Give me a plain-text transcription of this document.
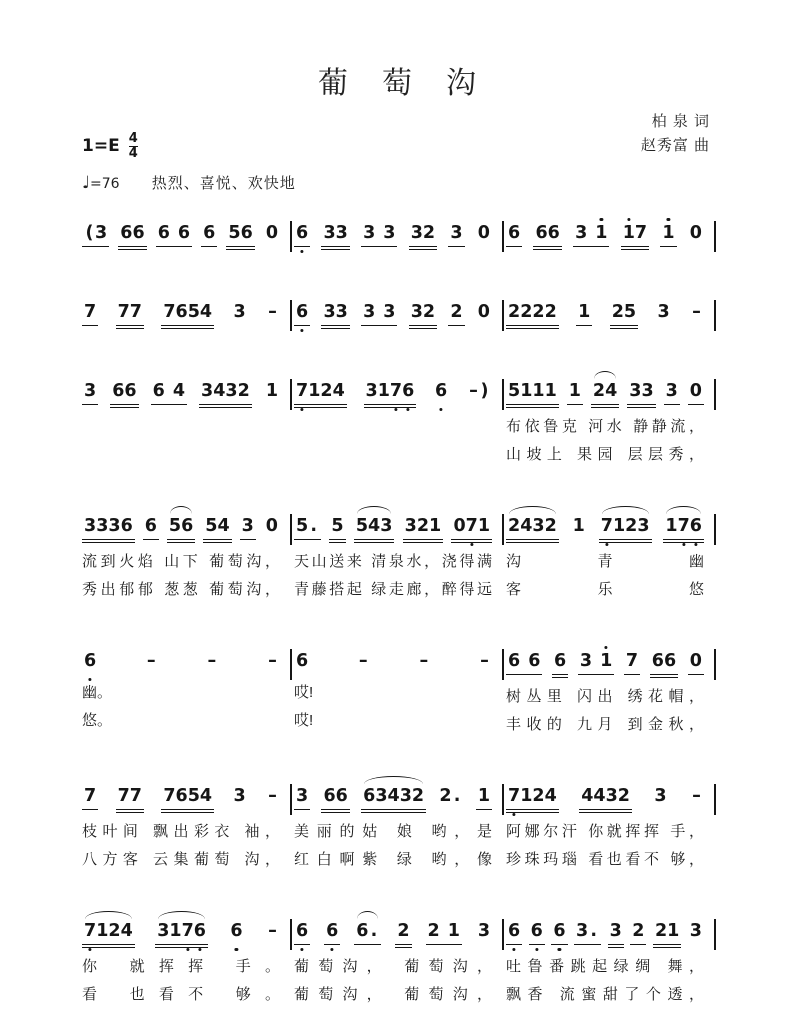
葡　萄　沟
柏 泉 词
赵秀富 曲
$1=E \frac{4}{4}$
♩=76 热烈、喜悦、欢快地
( 3 6 6 6 6 6 5 6 0 6 3 3 3 3 3 2 3 0 6 6 6 3 1 1 7 1 0
7 7 7 7 6 5 4 3 – 6 3 3 3 3 3 2 2 0 2 2 2 2 1 2 5 3 –
3 6 6 6 4 3 4 3 2 1 7 1 2 4 3 1 7 6 6 – ) 5 1 1 1 1 2 4 3 3 3 0
布依鲁克 河水 静静流，
山坡上 果园 层层秀，
3 3 3 6 6 5 6 5 4 3 0
流到火焰 山下 葡萄沟，
秀出郁郁 葱葱 葡萄沟，
5 . 5 5 4 3 3 2 1 0 7 1
天山送来 清泉水，浇得满
青藤搭起 绿走廊，醉得远
2 4 3 2 1 7 1 2 3 1 7 6
沟 青 幽
客 乐 悠
6	–	–	–
幽。
悠。
6	–	–	–
哎!
哎!
6 6 6 3 1 7 6 6 0
树丛里 闪出 绣花帽，
丰收的 九月 到金秋，
7 7 7 7 6 5 4 3 –
枝叶间 飘出彩衣 袖，
八方客 云集葡萄 沟，
3 6 6 6 3 4 3 2 2 . 1
美丽的姑 娘 哟，是
红白啊紫 绿 哟，像
7 1 2 4 4 4 3 2 3 –
阿娜尔汗 你就挥挥 手，
珍珠玛瑙 看也看不 够，
7 1 2 4 3 1 7 6 6 –
你 就挥挥 手。
看 也看不 够。
6 6 6 . 2 2 1 3
葡萄沟， 葡萄沟，
葡萄沟， 葡萄沟，
6 6 6 3 . 3 2 2 1 3
吐鲁番跳起绿绸 舞，
飘香 流蜜甜了个透，
